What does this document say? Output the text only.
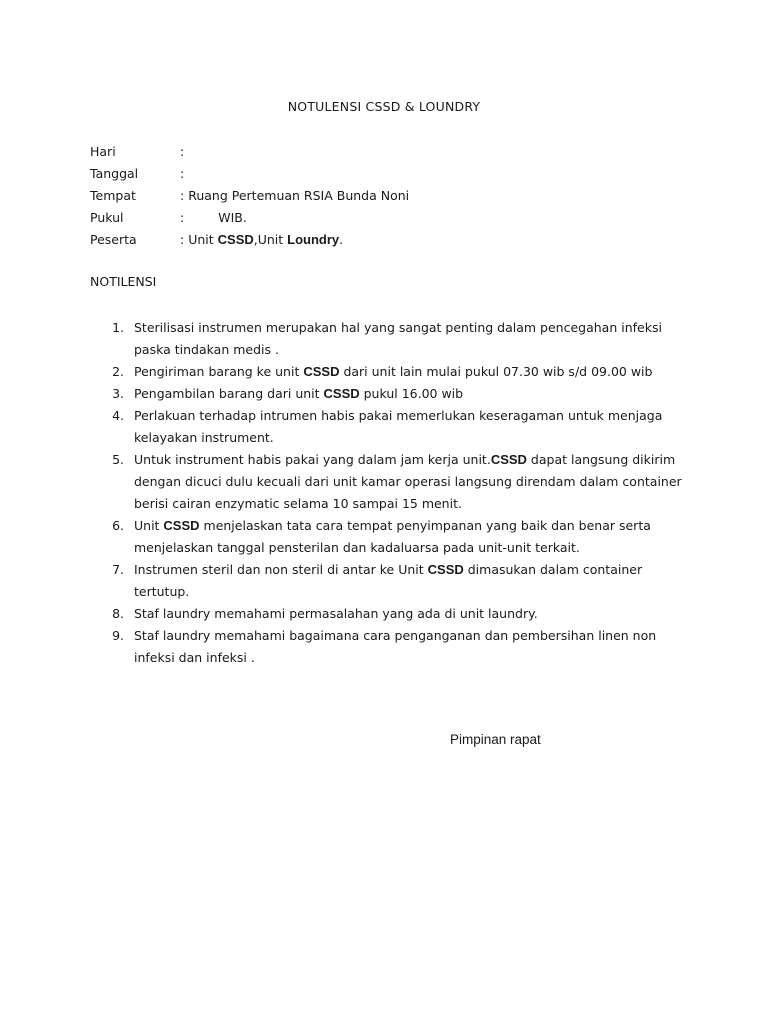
NOTULENSI CSSD & LOUNDRY
Hari	:
Tanggal	:
Tempat	: Ruang Pertemuan RSIA Bunda Noni
Pukul	:	WIB.
Peserta	: Unit CSSD,Unit Loundry.
NOTILENSI
1. Sterilisasi instrumen merupakan hal yang sangat penting dalam pencegahan infeksi paska tindakan medis .
2. Pengiriman barang ke unit CSSD dari unit lain mulai pukul 07.30 wib s/d 09.00 wib
3. Pengambilan barang dari unit CSSD pukul 16.00 wib
4. Perlakuan terhadap intrumen habis pakai memerlukan keseragaman untuk menjaga kelayakan instrument.
5. Untuk instrument habis pakai yang dalam jam kerja unit.CSSD dapat langsung dikirim dengan dicuci dulu kecuali dari unit kamar operasi langsung direndam dalam container berisi cairan enzymatic selama 10 sampai 15 menit.
6. Unit CSSD menjelaskan tata cara tempat penyimpanan yang baik dan benar serta menjelaskan tanggal pensterilan dan kadaluarsa pada unit-unit terkait.
7. Instrumen steril dan non steril di antar ke Unit CSSD dimasukan dalam container tertutup.
8. Staf laundry memahami permasalahan yang ada di unit laundry.
9. Staf laundry memahami bagaimana cara penganganan dan pembersihan linen non infeksi dan infeksi .
Pimpinan rapat
